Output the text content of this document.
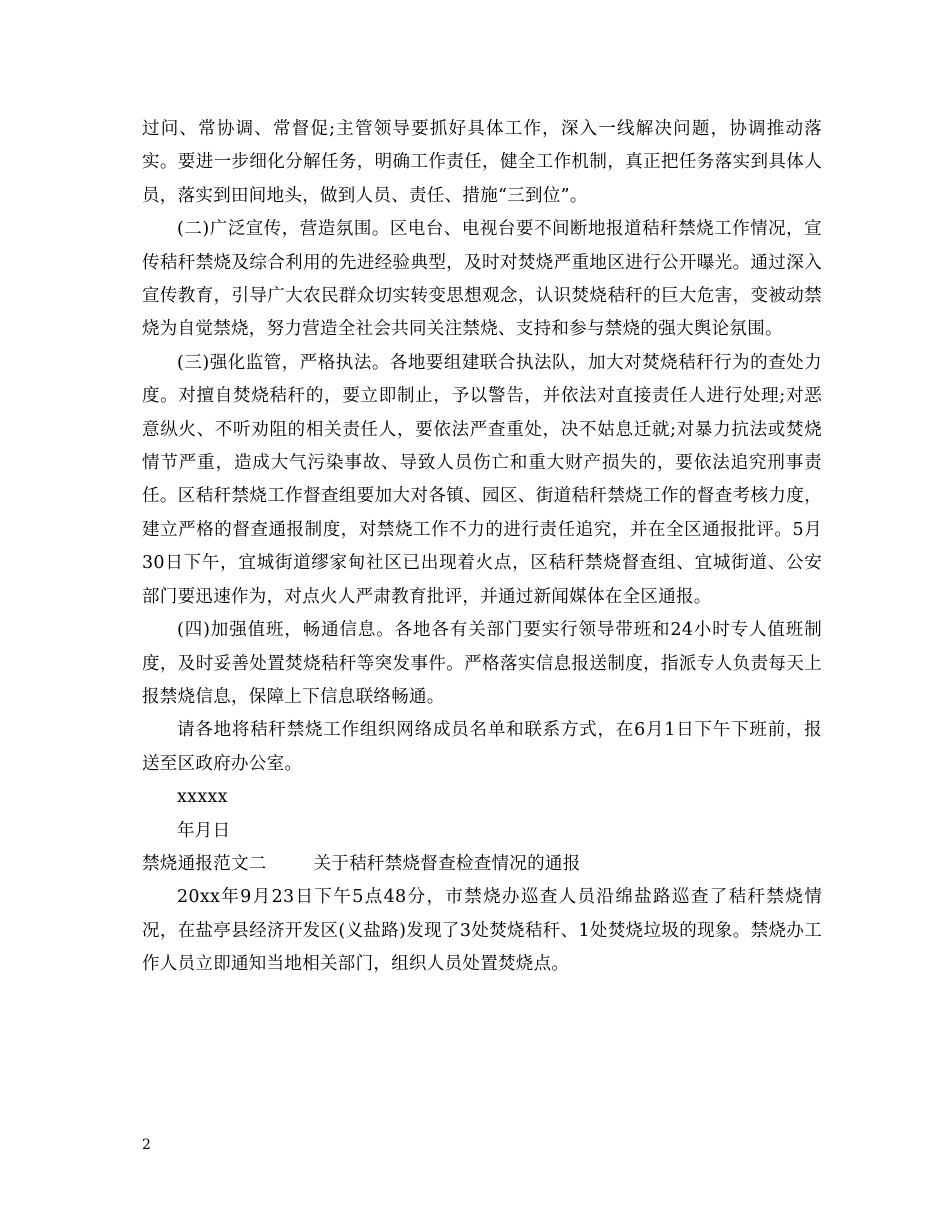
过问、常协调、常督促;主管领导要抓好具体工作，深入一线解决问题，协调推动落实。要进一步细化分解任务，明确工作责任，健全工作机制，真正把任务落实到具体人员，落实到田间地头，做到人员、责任、措施“三到位”。

(二)广泛宣传，营造氛围。区电台、电视台要不间断地报道秸秆禁烧工作情况，宣传秸秆禁烧及综合利用的先进经验典型，及时对焚烧严重地区进行公开曝光。通过深入宣传教育，引导广大农民群众切实转变思想观念，认识焚烧秸秆的巨大危害，变被动禁烧为自觉禁烧，努力营造全社会共同关注禁烧、支持和参与禁烧的强大舆论氛围。

(三)强化监管，严格执法。各地要组建联合执法队，加大对焚烧秸秆行为的查处力度。对擅自焚烧秸秆的，要立即制止，予以警告，并依法对直接责任人进行处理;对恶意纵火、不听劝阻的相关责任人，要依法严查重处，决不姑息迁就;对暴力抗法或焚烧情节严重，造成大气污染事故、导致人员伤亡和重大财产损失的，要依法追究刑事责任。区秸秆禁烧工作督查组要加大对各镇、园区、街道秸秆禁烧工作的督查考核力度，建立严格的督查通报制度，对禁烧工作不力的进行责任追究，并在全区通报批评。5月30日下午，宜城街道缪家甸社区已出现着火点，区秸秆禁烧督查组、宜城街道、公安部门要迅速作为，对点火人严肃教育批评，并通过新闻媒体在全区通报。

(四)加强值班，畅通信息。各地各有关部门要实行领导带班和24小时专人值班制度，及时妥善处置焚烧秸秆等突发事件。严格落实信息报送制度，指派专人负责每天上报禁烧信息，保障上下信息联络畅通。

请各地将秸秆禁烧工作组织网络成员名单和联系方式，在6月1日下午下班前，报送至区政府办公室。

xxxxx

年月日

禁烧通报范文二        关于秸秆禁烧督查检查情况的通报

20xx年9月23日下午5点48分，市禁烧办巡查人员沿绵盐路巡查了秸秆禁烧情况，在盐亭县经济开发区(义盐路)发现了3处焚烧秸秆、1处焚烧垃圾的现象。禁烧办工作人员立即通知当地相关部门，组织人员处置焚烧点。

2
